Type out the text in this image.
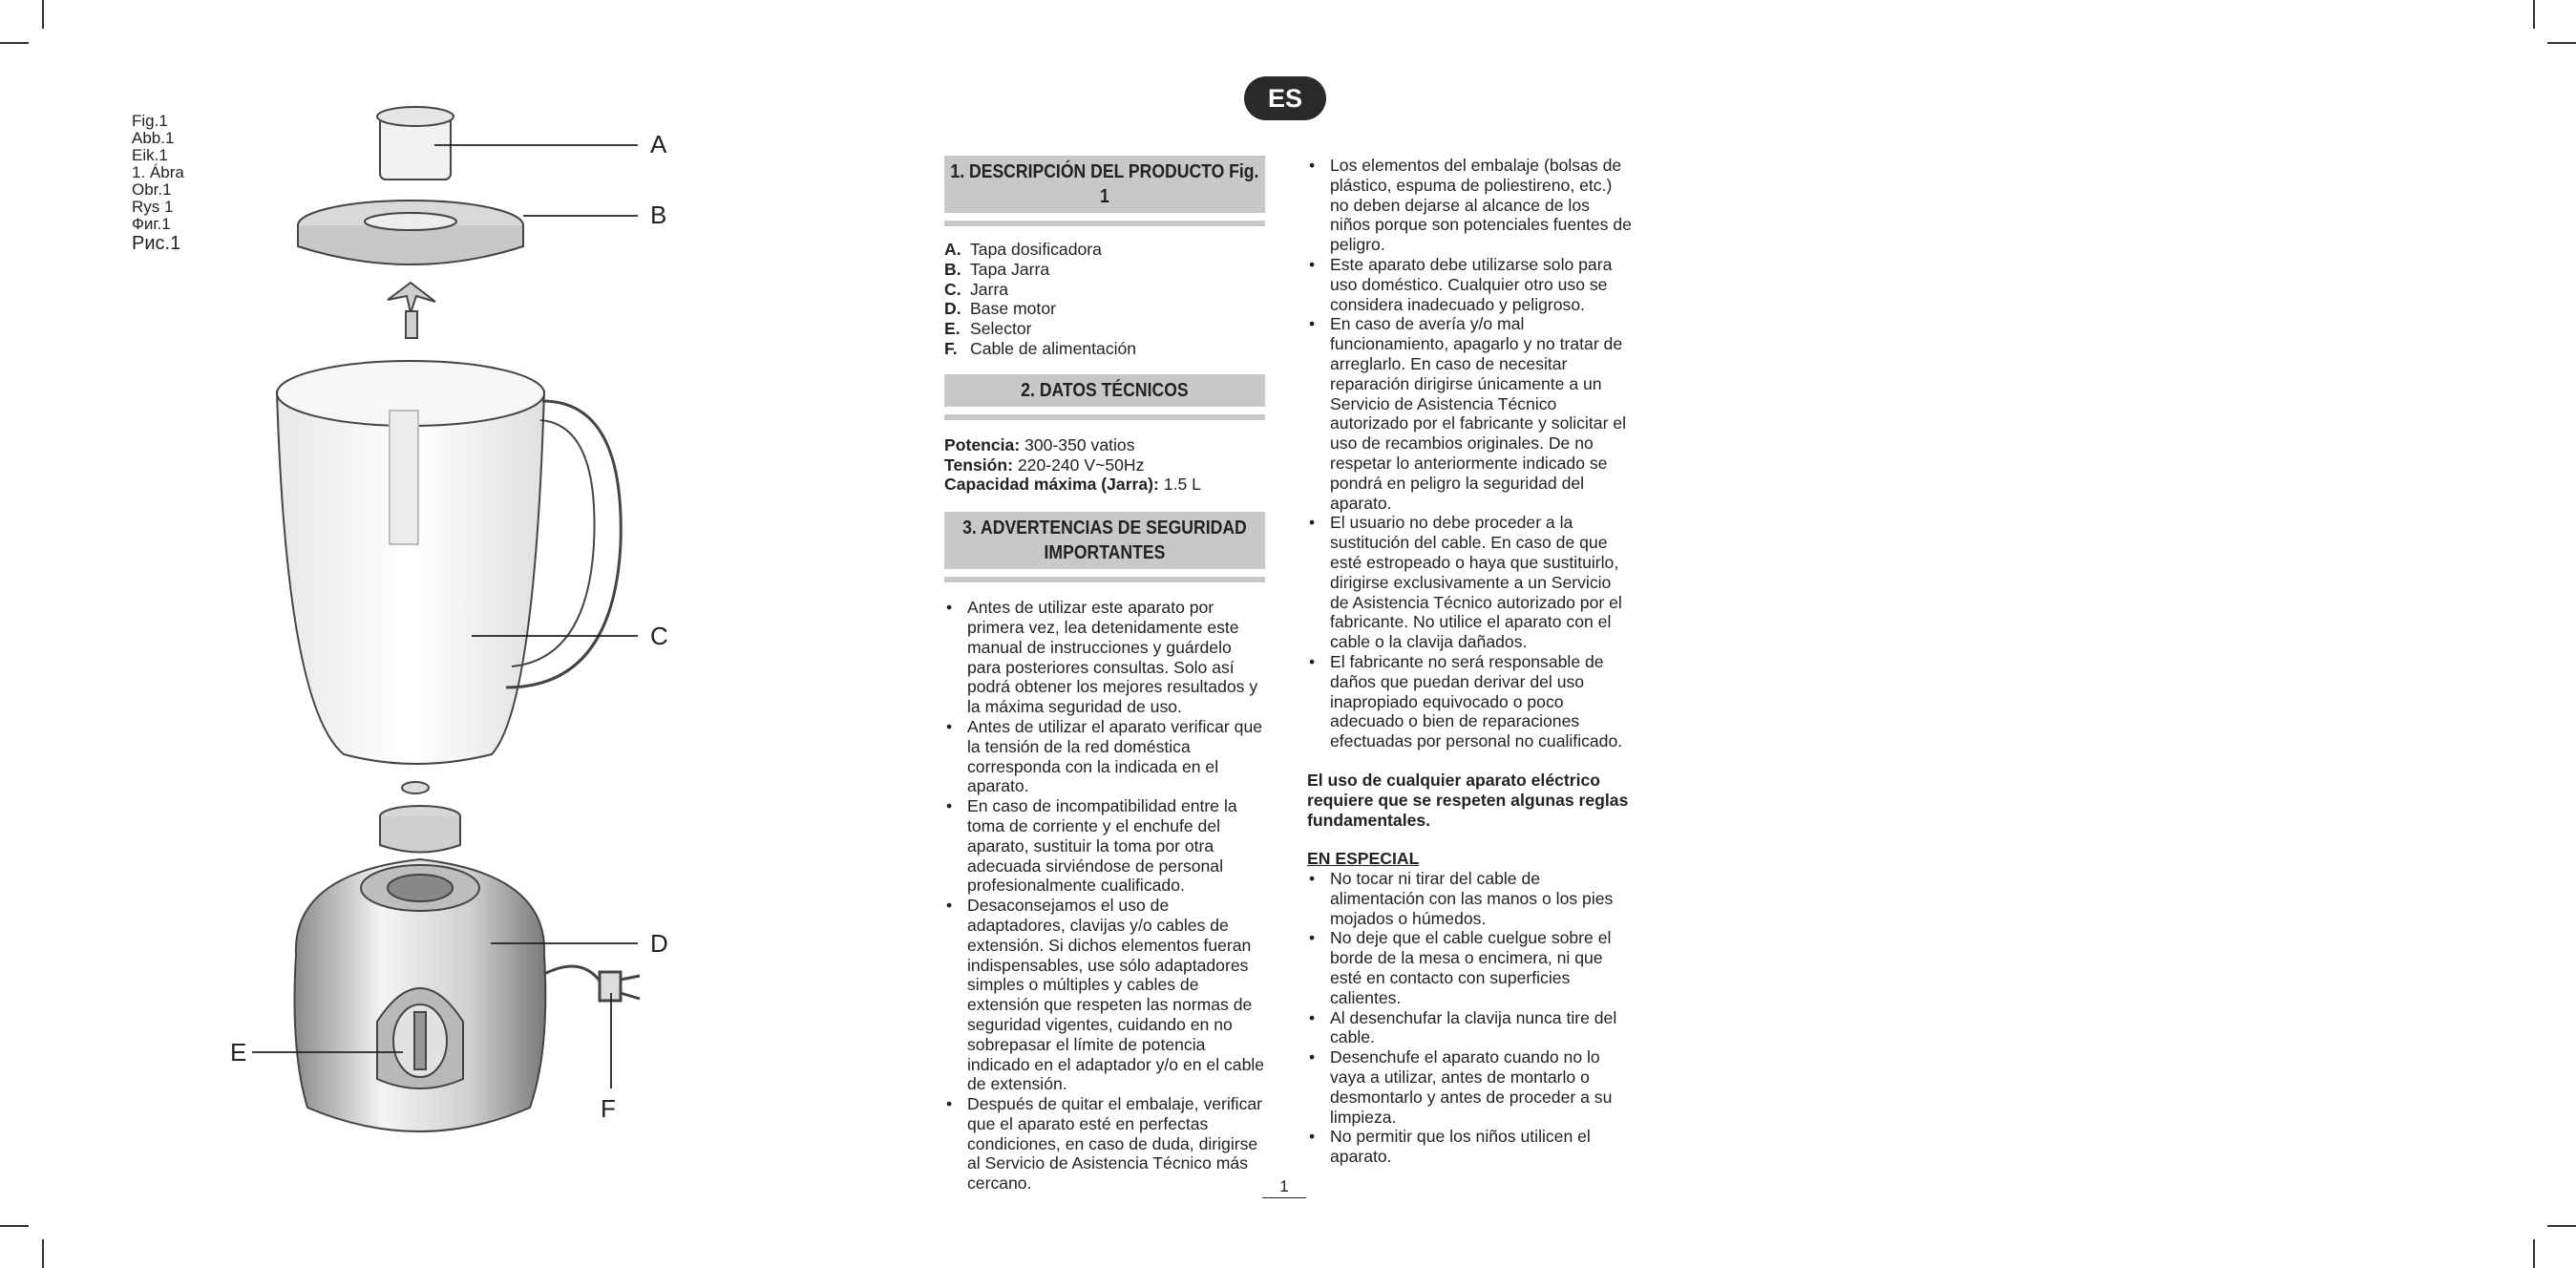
Fig.1
Abb.1
Eik.1
1. Ábra
Obr.1
Rys 1
Фиг.1
Рис.1
A
B
C
D
E
F
ES
1. DESCRIPCIÓN DEL PRODUCTO Fig. 1
A. Tapa dosificadora
B. Tapa Jarra
C. Jarra
D. Base motor
E. Selector
F. Cable de alimentación
2. DATOS TÉCNICOS
Potencia: 300-350 vatios
Tensión: 220-240 V~50Hz
Capacidad máxima (Jarra): 1.5 L
3. ADVERTENCIAS DE SEGURIDAD IMPORTANTES
• Antes de utilizar este aparato por primera vez, lea detenidamente este manual de instrucciones y guárdelo para posteriores consultas. Solo así podrá obtener los mejores resultados y la máxima seguridad de uso.
• Antes de utilizar el aparato verificar que la tensión de la red doméstica corresponda con la indicada en el aparato.
• En caso de incompatibilidad entre la toma de corriente y el enchufe del aparato, sustituir la toma por otra adecuada sirviéndose de personal profesionalmente cualificado.
• Desaconsejamos el uso de adaptadores, clavijas y/o cables de extensión. Si dichos elementos fueran indispensables, use sólo adaptadores simples o múltiples y cables de extensión que respeten las normas de seguridad vigentes, cuidando en no sobrepasar el límite de potencia indicado en el adaptador y/o en el cable de extensión.
• Después de quitar el embalaje, verificar que el aparato esté en perfectas condiciones, en caso de duda, dirigirse al Servicio de Asistencia Técnico más cercano.
• Los elementos del embalaje (bolsas de plástico, espuma de poliestireno, etc.) no deben dejarse al alcance de los niños porque son potenciales fuentes de peligro.
• Este aparato debe utilizarse solo para uso doméstico. Cualquier otro uso se considera inadecuado y peligroso.
• En caso de avería y/o mal funcionamiento, apagarlo y no tratar de arreglarlo. En caso de necesitar reparación dirigirse únicamente a un Servicio de Asistencia Técnico autorizado por el fabricante y solicitar el uso de recambios originales. De no respetar lo anteriormente indicado se pondrá en peligro la seguridad del aparato.
• El usuario no debe proceder a la sustitución del cable. En caso de que esté estropeado o haya que sustituirlo, dirigirse exclusivamente a un Servicio de Asistencia Técnico autorizado por el fabricante. No utilice el aparato con el cable o la clavija dañados.
• El fabricante no será responsable de daños que puedan derivar del uso inapropiado equivocado o poco adecuado o bien de reparaciones efectuadas por personal no cualificado.
El uso de cualquier aparato eléctrico requiere que se respeten algunas reglas fundamentales.
EN ESPECIAL
• No tocar ni tirar del cable de alimentación con las manos o los pies mojados o húmedos.
• No deje que el cable cuelgue sobre el borde de la mesa o encimera, ni que esté en contacto con superficies calientes.
• Al desenchufar la clavija nunca tire del cable.
• Desenchufe el aparato cuando no lo vaya a utilizar, antes de montarlo o desmontarlo y antes de proceder a su limpieza.
• No permitir que los niños utilicen el aparato.
1
